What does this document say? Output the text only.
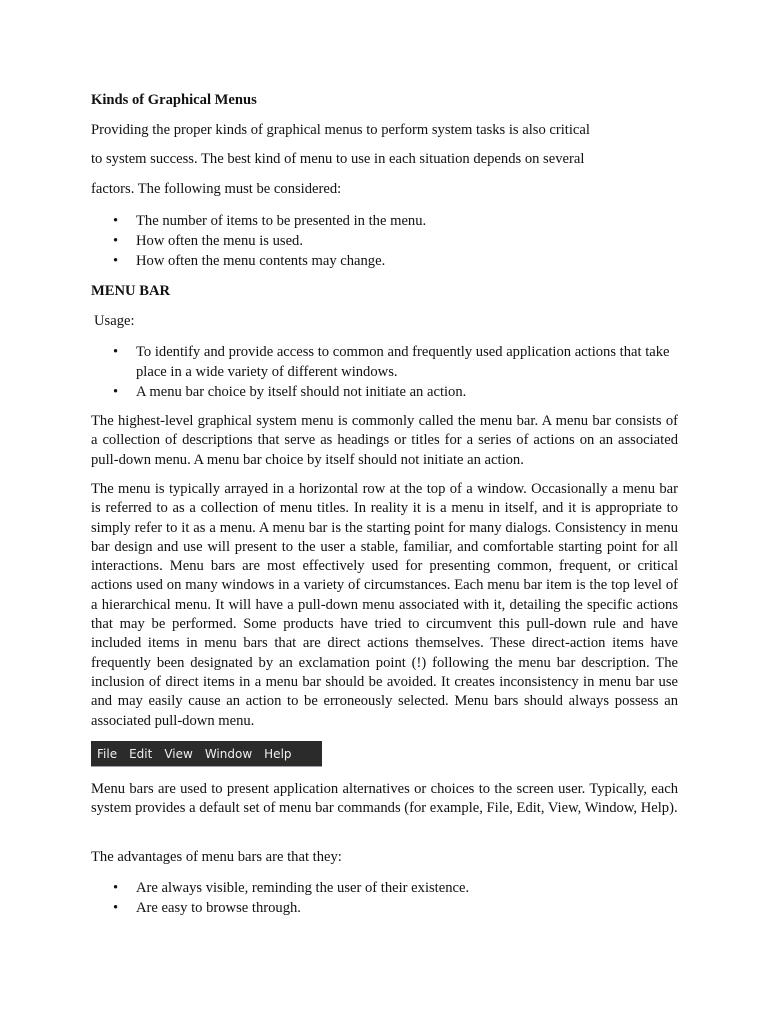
Kinds of Graphical Menus
Providing the proper kinds of graphical menus to perform system tasks is also critical
to system success. The best kind of menu to use in each situation depends on several
factors. The following must be considered:
• The number of items to be presented in the menu.
• How often the menu is used.
• How often the menu contents may change.
MENU BAR
Usage:
• To identify and provide access to common and frequently used application actions that take place in a wide variety of different windows.
• A menu bar choice by itself should not initiate an action.

The highest-level graphical system menu is commonly called the menu bar. A menu bar consists of a collection of descriptions that serve as headings or titles for a series of actions on an associated pull-down menu. A menu bar choice by itself should not initiate an action.

The menu is typically arrayed in a horizontal row at the top of a window. Occasionally a menu bar is referred to as a collection of menu titles. In reality it is a menu in itself, and it is appropriate to simply refer to it as a menu. A menu bar is the starting point for many dialogs. Consistency in menu bar design and use will present to the user a stable, familiar, and comfortable starting point for all interactions. Menu bars are most effectively used for presenting common, frequent, or critical actions used on many windows in a variety of circumstances. Each menu bar item is the top level of a hierarchical menu. It will have a pull-down menu associated with it, detailing the specific actions that may be performed. Some products have tried to circumvent this pull-down rule and have included items in menu bars that are direct actions themselves. These direct-action items have frequently been designated by an exclamation point (!) following the menu bar description. The inclusion of direct items in a menu bar should be avoided. It creates inconsistency in menu bar use and may easily cause an action to be erroneously selected. Menu bars should always possess an associated pull-down menu.

File Edit View Window Help

Menu bars are used to present application alternatives or choices to the screen user. Typically, each system provides a default set of menu bar commands (for example, File, Edit, View, Window, Help).

The advantages of menu bars are that they:
• Are always visible, reminding the user of their existence.
• Are easy to browse through.
